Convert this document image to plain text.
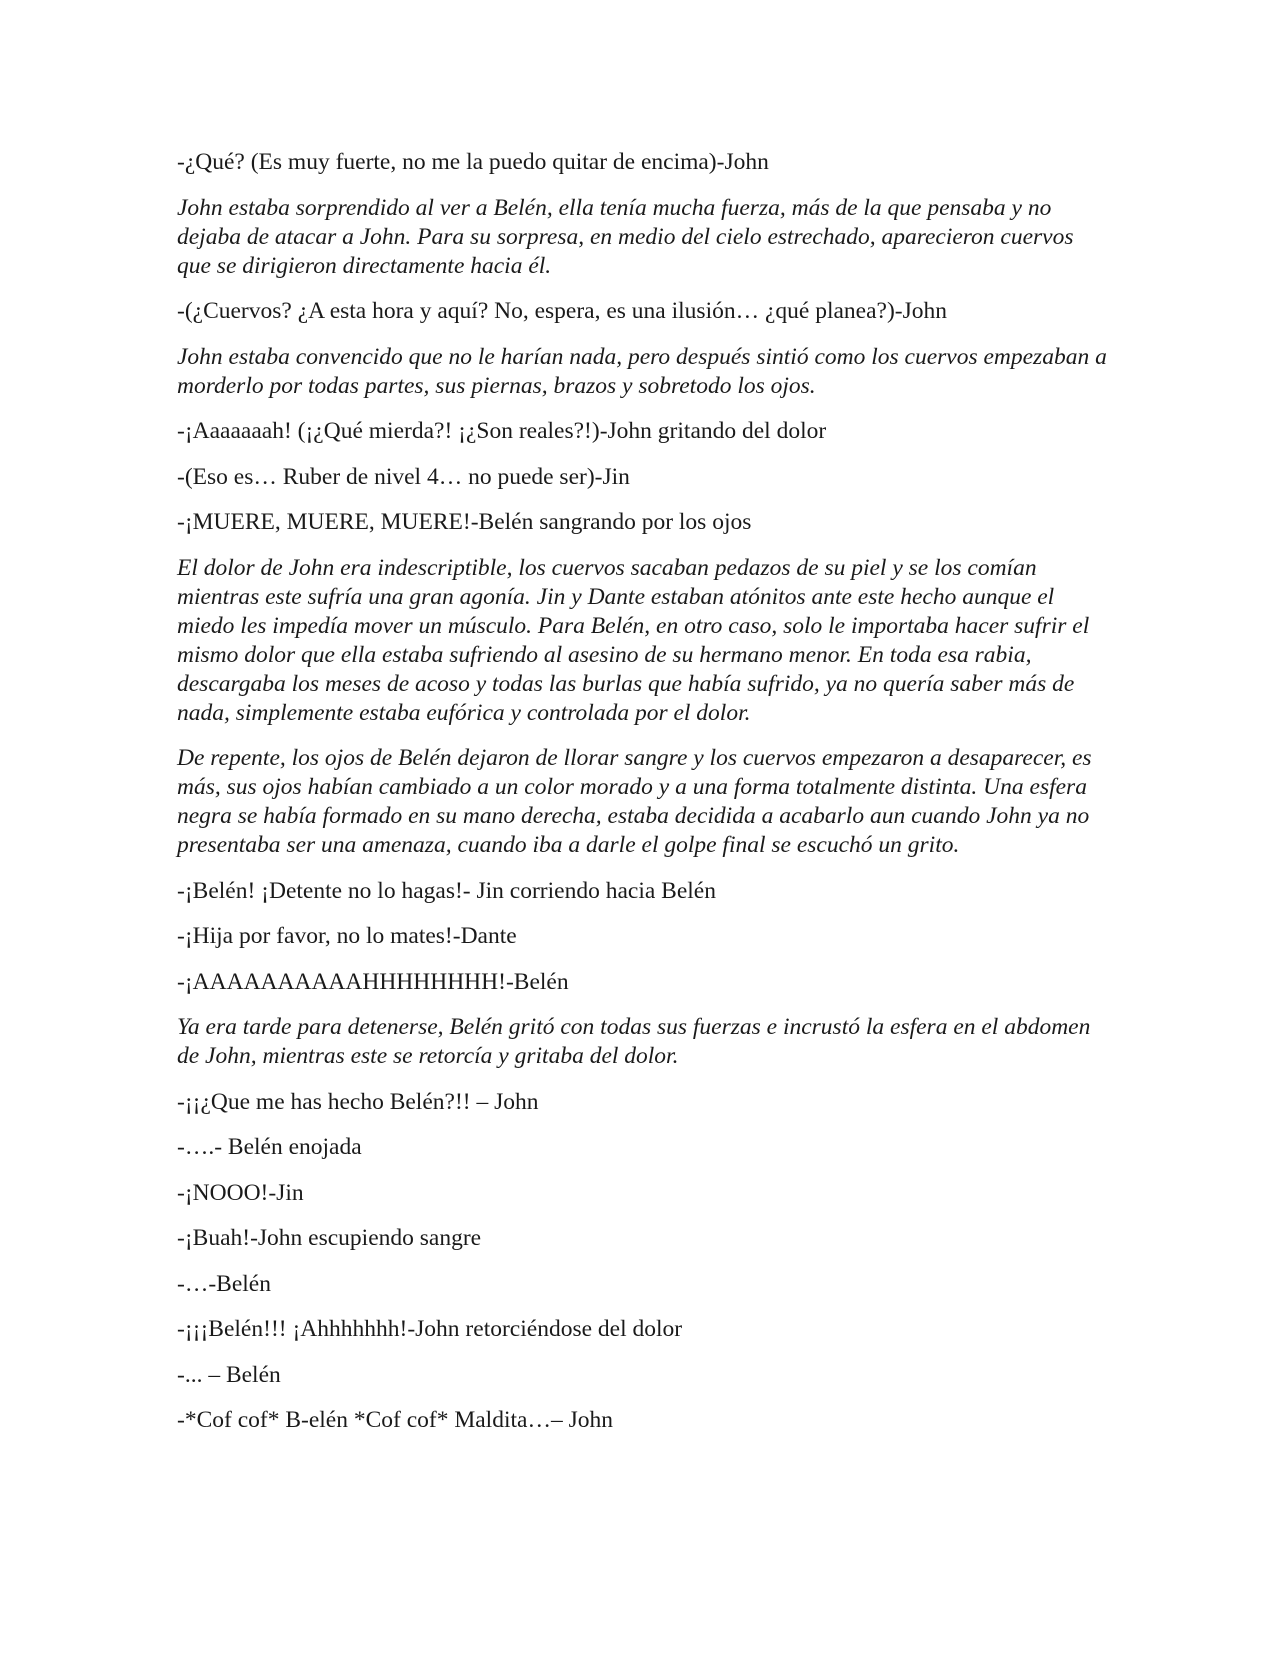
-¿Qué? (Es muy fuerte, no me la puedo quitar de encima)-John

John estaba sorprendido al ver a Belén, ella tenía mucha fuerza, más de la que pensaba y no dejaba de atacar a John. Para su sorpresa, en medio del cielo estrechado, aparecieron cuervos que se dirigieron directamente hacia él.

-(¿Cuervos? ¿A esta hora y aquí? No, espera, es una ilusión… ¿qué planea?)-John

John estaba convencido que no le harían nada, pero después sintió como los cuervos empezaban a morderlo por todas partes, sus piernas, brazos y sobretodo los ojos.

-¡Aaaaaaah! (¡¿Qué mierda?! ¡¿Son reales?!)-John gritando del dolor

-(Eso es… Ruber de nivel 4… no puede ser)-Jin

-¡MUERE, MUERE, MUERE!-Belén sangrando por los ojos

El dolor de John era indescriptible, los cuervos sacaban pedazos de su piel y se los comían mientras este sufría una gran agonía. Jin y Dante estaban atónitos ante este hecho aunque el miedo les impedía mover un músculo. Para Belén, en otro caso, solo le importaba hacer sufrir el mismo dolor que ella estaba sufriendo al asesino de su hermano menor. En toda esa rabia, descargaba los meses de acoso y todas las burlas que había sufrido, ya no quería saber más de nada, simplemente estaba eufórica y controlada por el dolor.

De repente, los ojos de Belén dejaron de llorar sangre y los cuervos empezaron a desaparecer, es más, sus ojos habían cambiado a un color morado y a una forma totalmente distinta. Una esfera negra se había formado en su mano derecha, estaba decidida a acabarlo aun cuando John ya no presentaba ser una amenaza, cuando iba a darle el golpe final se escuchó un grito.

-¡Belén! ¡Detente no lo hagas!- Jin corriendo hacia Belén

-¡Hija por favor, no lo mates!-Dante

-¡AAAAAAAAAAHHHHHHHH!-Belén

Ya era tarde para detenerse, Belén gritó con todas sus fuerzas e incrustó la esfera en el abdomen de John, mientras este se retorcía y gritaba del dolor.

-¡¡¿Que me has hecho Belén?!! – John

-….- Belén enojada

-¡NOOO!-Jin

-¡Buah!-John escupiendo sangre

-…-Belén

-¡¡¡Belén!!! ¡Ahhhhhhh!-John retorciéndose del dolor

-... – Belén

-*Cof cof* B-elén *Cof cof* Maldita…– John
